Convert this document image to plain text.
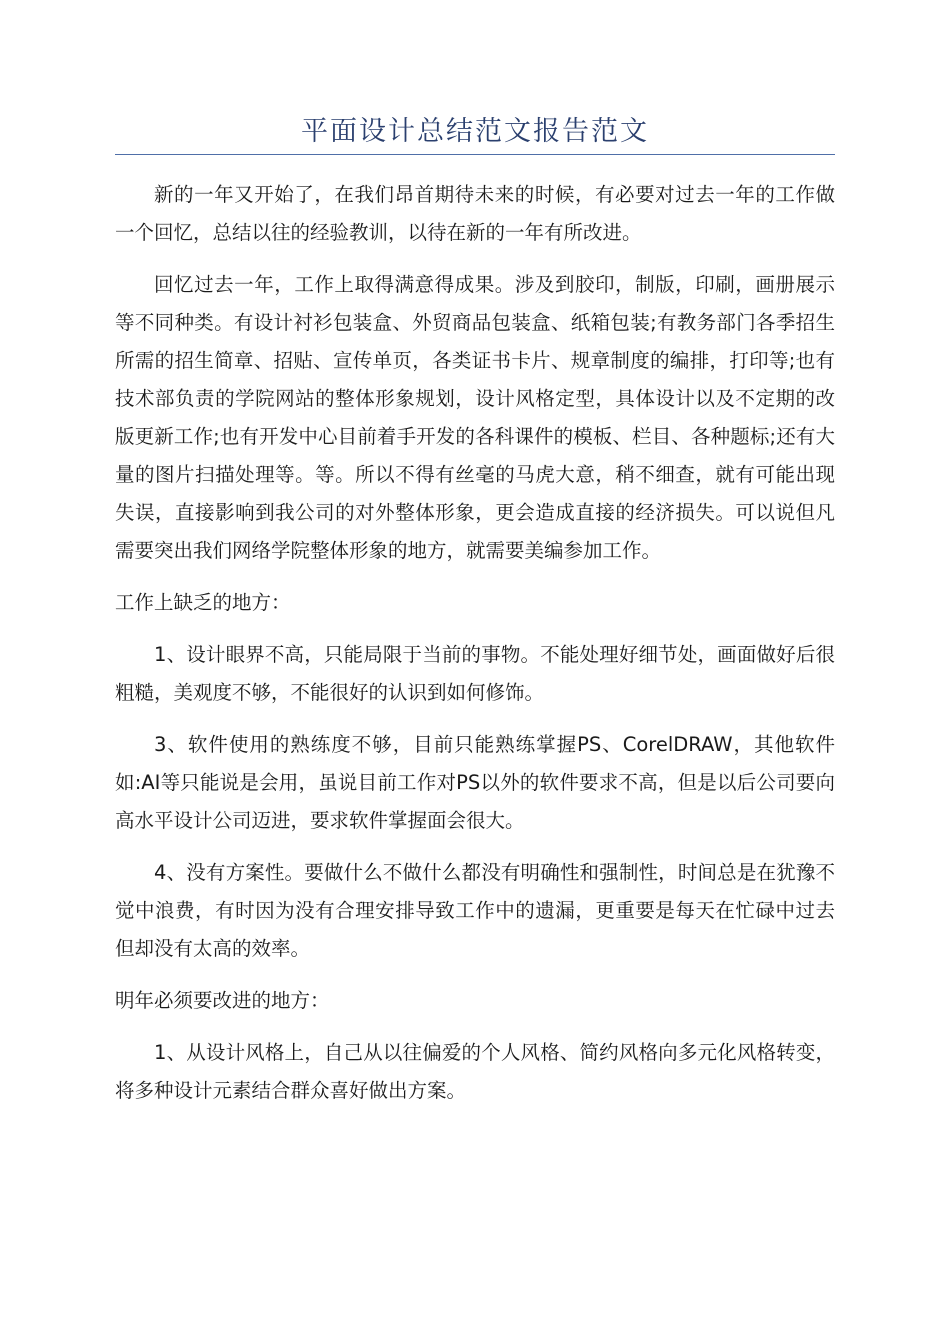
平面设计总结范文报告范文

新的一年又开始了，在我们昂首期待未来的时候，有必要对过去一年的工作做一个回忆，总结以往的经验教训，以待在新的一年有所改进。

回忆过去一年，工作上取得满意得成果。涉及到胶印，制版，印刷，画册展示等不同种类。有设计衬衫包装盒、外贸商品包装盒、纸箱包装;有教务部门各季招生所需的招生简章、招贴、宣传单页，各类证书卡片、规章制度的编排，打印等;也有技术部负责的学院网站的整体形象规划，设计风格定型，具体设计以及不定期的改版更新工作;也有开发中心目前着手开发的各科课件的模板、栏目、各种题标;还有大量的图片扫描处理等。等。所以不得有丝毫的马虎大意，稍不细查，就有可能出现失误，直接影响到我公司的对外整体形象，更会造成直接的经济损失。可以说但凡需要突出我们网络学院整体形象的地方，就需要美编参加工作。

工作上缺乏的地方：

1、设计眼界不高，只能局限于当前的事物。不能处理好细节处，画面做好后很粗糙，美观度不够，不能很好的认识到如何修饰。

3、软件使用的熟练度不够，目前只能熟练掌握PS、CorelDRAW，其他软件如:AI等只能说是会用，虽说目前工作对PS以外的软件要求不高，但是以后公司要向高水平设计公司迈进，要求软件掌握面会很大。

4、没有方案性。要做什么不做什么都没有明确性和强制性，时间总是在犹豫不觉中浪费，有时因为没有合理安排导致工作中的遗漏，更重要是每天在忙碌中过去但却没有太高的效率。

明年必须要改进的地方：

1、从设计风格上，自己从以往偏爱的个人风格、简约风格向多元化风格转变，将多种设计元素结合群众喜好做出方案。
